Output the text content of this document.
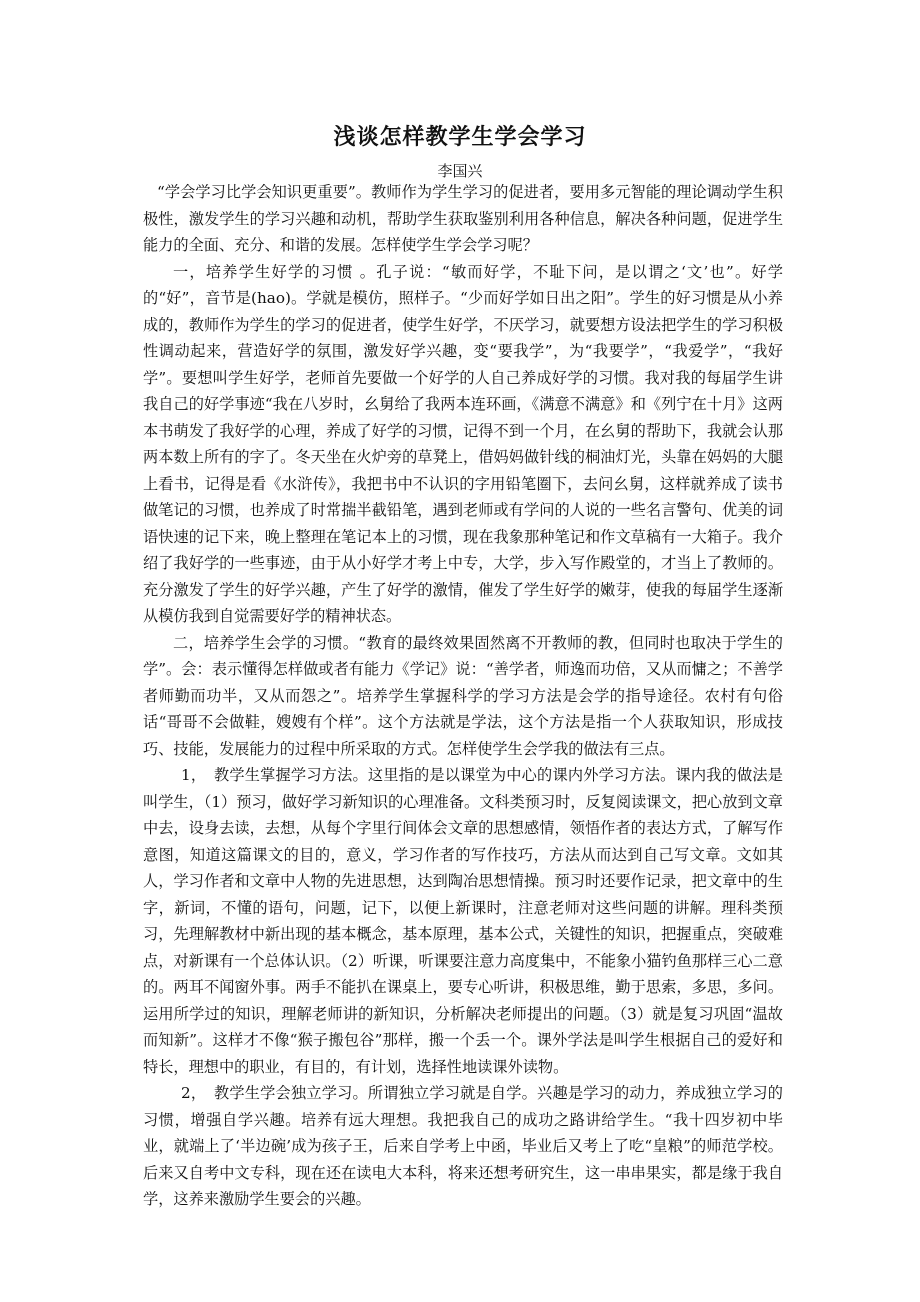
浅谈怎样教学生学会学习
李国兴

“学会学习比学会知识更重要”。教师作为学生学习的促进者，要用多元智能的理论调动学生积极性，激发学生的学习兴趣和动机，帮助学生获取鉴别利用各种信息，解决各种问题，促进学生能力的全面、充分、和谐的发展。怎样使学生学会学习呢？

一，培养学生好学的习惯 。孔子说：“敏而好学，不耻下问，是以谓之‘文’也”。好学的“好”，音节是(hao)。学就是模仿，照样子。“少而好学如日出之阳”。学生的好习惯是从小养成的，教师作为学生的学习的促进者，使学生好学，不厌学习，就要想方设法把学生的学习积极性调动起来，营造好学的氛围，激发好学兴趣，变“要我学”，为“我要学”，“我爱学”，“我好学”。要想叫学生好学，老师首先要做一个好学的人自己养成好学的习惯。我对我的每届学生讲我自己的好学事迹“我在八岁时，幺舅给了我两本连环画，《满意不满意》和《列宁在十月》这两本书萌发了我好学的心理，养成了好学的习惯，记得不到一个月，在幺舅的帮助下，我就会认那两本数上所有的字了。冬天坐在火炉旁的草凳上，借妈妈做针线的桐油灯光，头靠在妈妈的大腿上看书，记得是看《水浒传》，我把书中不认识的字用铅笔圈下，去问幺舅，这样就养成了读书做笔记的习惯，也养成了时常揣半截铅笔，遇到老师或有学问的人说的一些名言警句、优美的词语快速的记下来，晚上整理在笔记本上的习惯，现在我象那种笔记和作文草稿有一大箱子。我介绍了我好学的一些事迹，由于从小好学才考上中专，大学，步入写作殿堂的，才当上了教师的。充分激发了学生的好学兴趣，产生了好学的激情，催发了学生好学的嫩芽，使我的每届学生逐渐从模仿我到自觉需要好学的精神状态。

二，培养学生会学的习惯。“教育的最终效果固然离不开教师的教，但同时也取决于学生的学”。会：表示懂得怎样做或者有能力《学记》说：“善学者，师逸而功倍，又从而慵之；不善学者师勤而功半，又从而怨之”。培养学生掌握科学的学习方法是会学的指导途径。农村有句俗话“哥哥不会做鞋，嫂嫂有个样”。这个方法就是学法，这个方法是指一个人获取知识，形成技巧、技能，发展能力的过程中所采取的方式。怎样使学生会学我的做法有三点。

1，　教学生掌握学习方法。这里指的是以课堂为中心的课内外学习方法。课内我的做法是叫学生，（1）预习，做好学习新知识的心理准备。文科类预习时，反复阅读课文，把心放到文章中去，设身去读，去想，从每个字里行间体会文章的思想感情，领悟作者的表达方式，了解写作意图，知道这篇课文的目的，意义，学习作者的写作技巧，方法从而达到自己写文章。文如其人，学习作者和文章中人物的先进思想，达到陶冶思想情操。预习时还要作记录，把文章中的生字，新词，不懂的语句，问题，记下，以便上新课时，注意老师对这些问题的讲解。理科类预习，先理解教材中新出现的基本概念，基本原理，基本公式，关键性的知识，把握重点，突破难点，对新课有一个总体认识。（2）听课，听课要注意力高度集中，不能象小猫钓鱼那样三心二意的。两耳不闻窗外事。两手不能扒在课桌上，要专心听讲，积极思维，勤于思索，多思，多问。运用所学过的知识，理解老师讲的新知识，分析解决老师提出的问题。（3）就是复习巩固“温故而知新”。这样才不像“猴子搬包谷”那样，搬一个丢一个。课外学法是叫学生根据自己的爱好和特长，理想中的职业，有目的，有计划，选择性地读课外读物。

2，　教学生学会独立学习。所谓独立学习就是自学。兴趣是学习的动力，养成独立学习的习惯，增强自学兴趣。培养有远大理想。我把我自己的成功之路讲给学生。“我十四岁初中毕业，就端上了‘半边碗’成为孩子王，后来自学考上中函，毕业后又考上了吃“皇粮”的师范学校。后来又自考中文专科，现在还在读电大本科，将来还想考研究生，这一串串果实，都是缘于我自学，这养来激励学生要会的兴趣。
